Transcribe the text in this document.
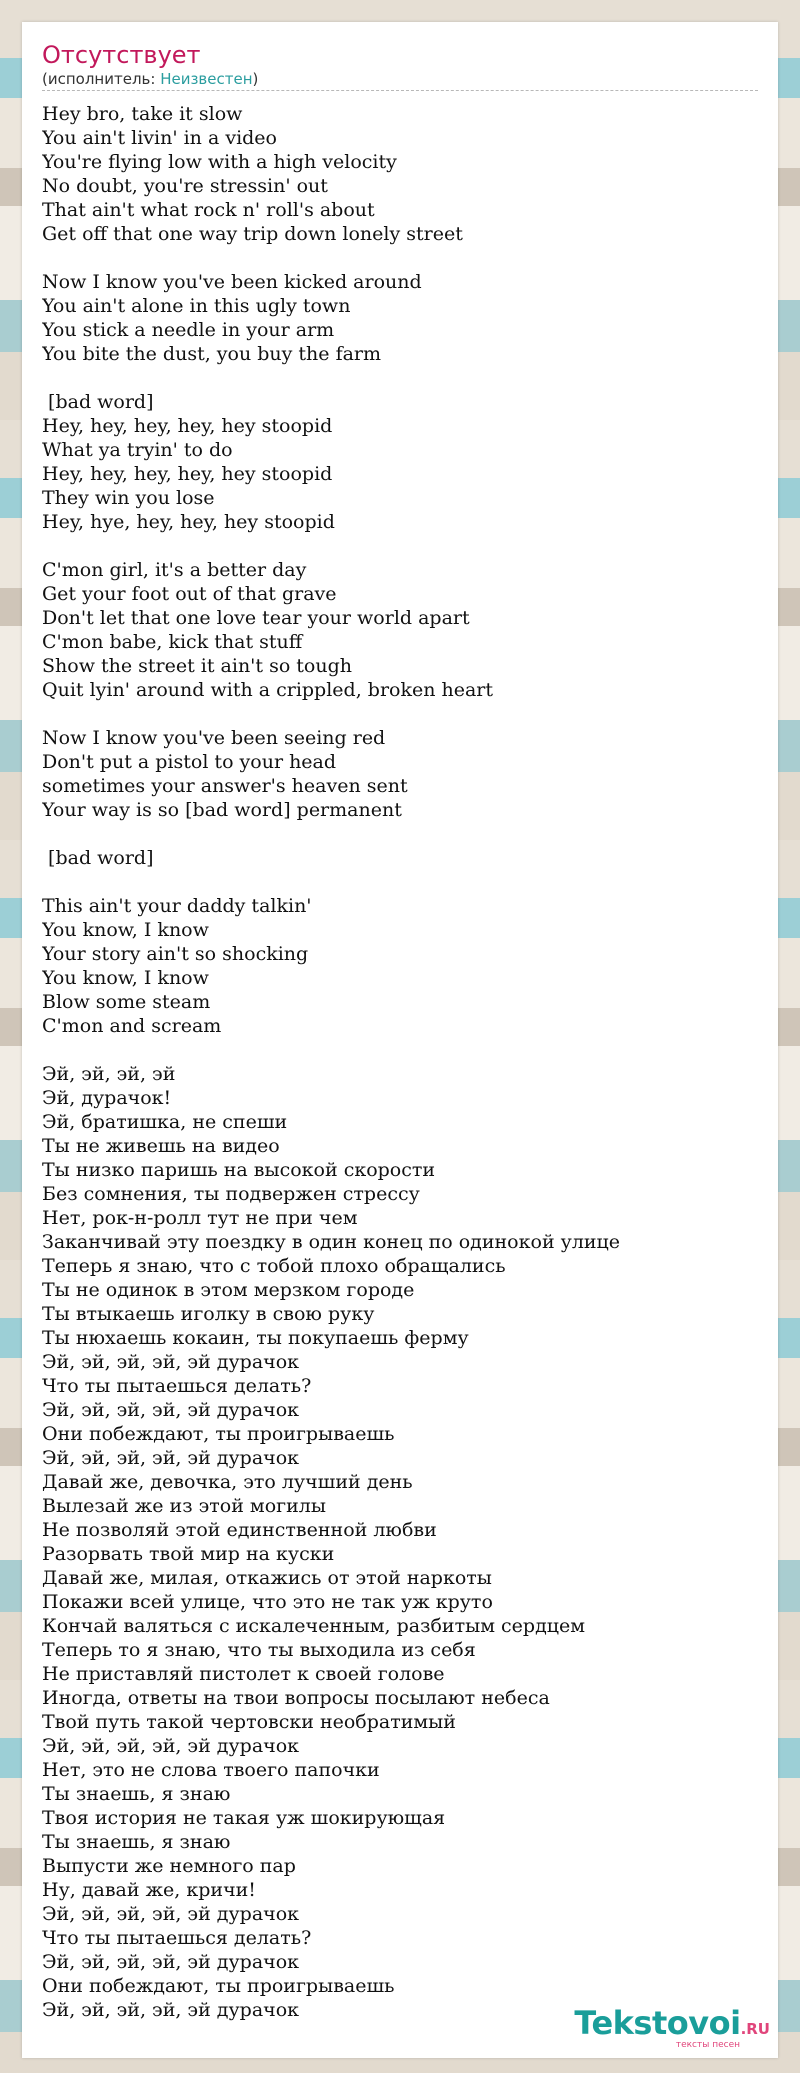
Отсутствует
(исполнитель: Неизвестен)
Hey bro, take it slow
You ain't livin' in a video
You're flying low with a high velocity
No doubt, you're stressin' out
That ain't what rock n' roll's about
Get off that one way trip down lonely street
Now I know you've been kicked around
You ain't alone in this ugly town
You stick a needle in your arm
You bite the dust, you buy the farm
[bad word]
Hey, hey, hey, hey, hey stoopid
What ya tryin' to do
Hey, hey, hey, hey, hey stoopid
They win you lose
Hey, hye, hey, hey, hey stoopid
C'mon girl, it's a better day
Get your foot out of that grave
Don't let that one love tear your world apart
C'mon babe, kick that stuff
Show the street it ain't so tough
Quit lyin' around with a crippled, broken heart
Now I know you've been seeing red
Don't put a pistol to your head
sometimes your answer's heaven sent
Your way is so [bad word] permanent
[bad word]
This ain't your daddy talkin'
You know, I know
Your story ain't so shocking
You know, I know
Blow some steam
C'mon and scream
Эй, эй, эй, эй
Эй, дурачок!
Эй, братишка, не спеши
Ты не живешь на видео
Ты низко паришь на высокой скорости
Без сомнения, ты подвержен стрессу
Нет, рок-н-ролл тут не при чем
Заканчивай эту поездку в один конец по одинокой улице
Теперь я знаю, что с тобой плохо обращались
Ты не одинок в этом мерзком городе
Ты втыкаешь иголку в свою руку
Ты нюхаешь кокаин, ты покупаешь ферму
Эй, эй, эй, эй, эй дурачок
Что ты пытаешься делать?
Эй, эй, эй, эй, эй дурачок
Они побеждают, ты проигрываешь
Эй, эй, эй, эй, эй дурачок
Давай же, девочка, это лучший день
Вылезай же из этой могилы
Не позволяй этой единственной любви
Разорвать твой мир на куски
Давай же, милая, откажись от этой наркоты
Покажи всей улице, что это не так уж круто
Кончай валяться с искалеченным, разбитым сердцем
Теперь то я знаю, что ты выходила из себя
Не приставляй пистолет к своей голове
Иногда, ответы на твои вопросы посылают небеса
Твой путь такой чертовски необратимый
Эй, эй, эй, эй, эй дурачок
Нет, это не слова твоего папочки
Ты знаешь, я знаю
Твоя история не такая уж шокирующая
Ты знаешь, я знаю
Выпусти же немного пар
Ну, давай же, кричи!
Эй, эй, эй, эй, эй дурачок
Что ты пытаешься делать?
Эй, эй, эй, эй, эй дурачок
Они побеждают, ты проигрываешь
Эй, эй, эй, эй, эй дурачок	Tekstovoi.RU
тексты песен
